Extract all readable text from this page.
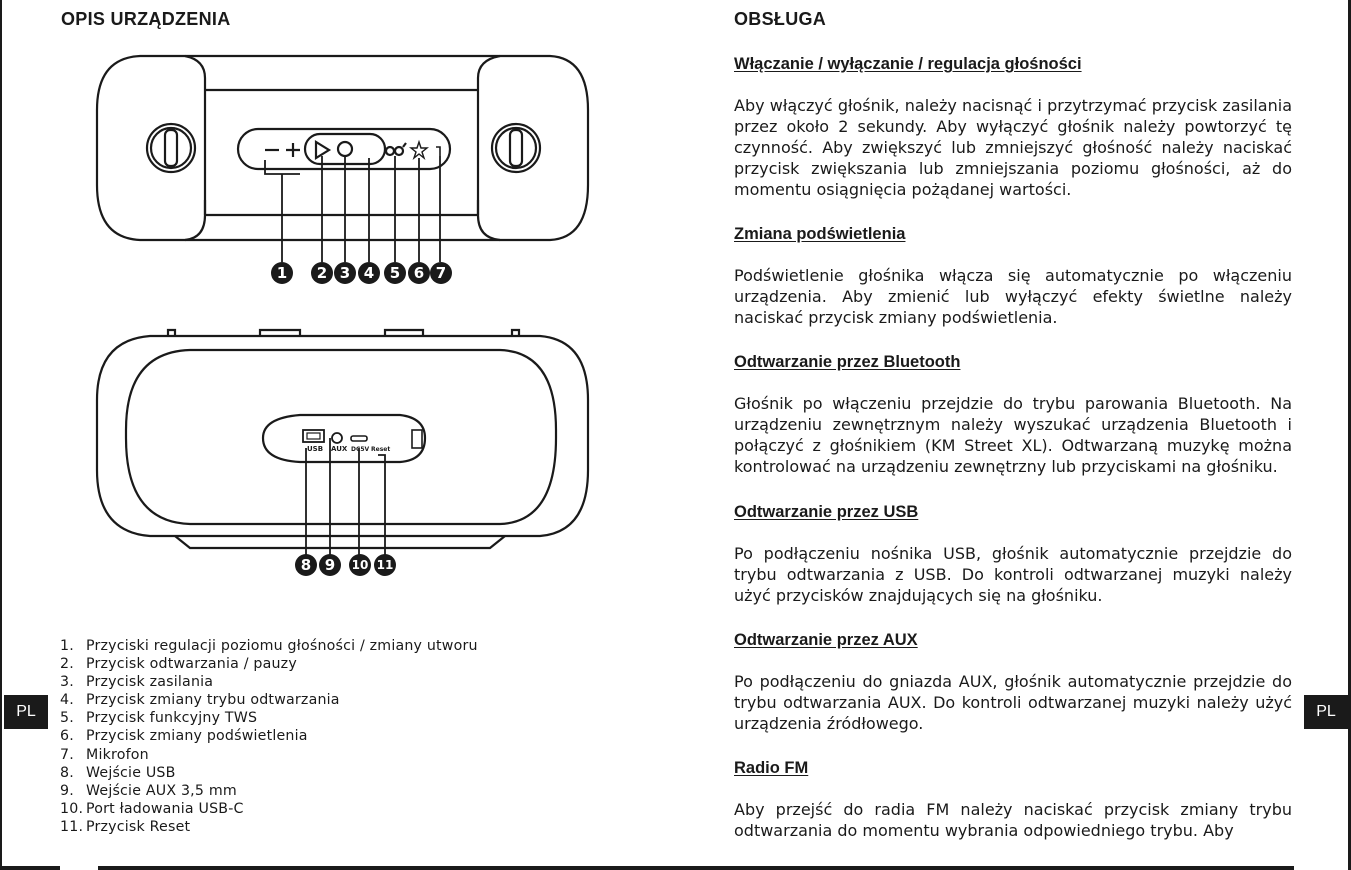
OPIS URZĄDZENIA
USB AUX DC5V Reset
1 2 3 4 5 6 7
8 9 10 11
1. Przyciski regulacji poziomu głośności / zmiany utworu
2. Przycisk odtwarzania / pauzy
3. Przycisk zasilania
4. Przycisk zmiany trybu odtwarzania
5. Przycisk funkcyjny TWS
6. Przycisk zmiany podświetlenia
7. Mikrofon
8. Wejście USB
9. Wejście AUX 3,5 mm
10. Port ładowania USB-C
11. Przycisk Reset
PL
OBSŁUGA
Włączanie / wyłączanie / regulacja głośności

Aby włączyć głośnik, należy nacisnąć i przytrzymać przycisk zasilania przez około 2 sekundy. Aby wyłączyć głośnik należy powtorzyć tę czynność. Aby zwiększyć lub zmniejszyć głośność należy naciskać przycisk zwiększania lub zmniejszania poziomu głośności, aż do momentu osiągnięcia pożądanej wartości.

Zmiana podświetlenia

Podświetlenie głośnika włącza się automatycznie po włączeniu urządzenia. Aby zmienić lub wyłączyć efekty świetlne należy naciskać przycisk zmiany podświetlenia.

Odtwarzanie przez Bluetooth

Głośnik po włączeniu przejdzie do trybu parowania Bluetooth. Na urządzeniu zewnętrznym należy wyszukać urządzenia Bluetooth i połączyć z głośnikiem (KM Street XL). Odtwarzaną muzykę można kontrolować na urządzeniu zewnętrzny lub przyciskami na głośniku.

Odtwarzanie przez USB

Po podłączeniu nośnika USB, głośnik automatycznie przejdzie do trybu odtwarzania z USB. Do kontroli odtwarzanej muzyki należy użyć przycisków znajdujących się na głośniku.

Odtwarzanie przez AUX

Po podłączeniu do gniazda AUX, głośnik automatycznie przejdzie do trybu odtwarzania AUX. Do kontroli odtwarzanej muzyki należy użyć urządzenia źródłowego.

Radio FM

Aby przejść do radia FM należy naciskać przycisk zmiany trybu odtwarzania do momentu wybrania odpowiedniego trybu. Aby

PL
